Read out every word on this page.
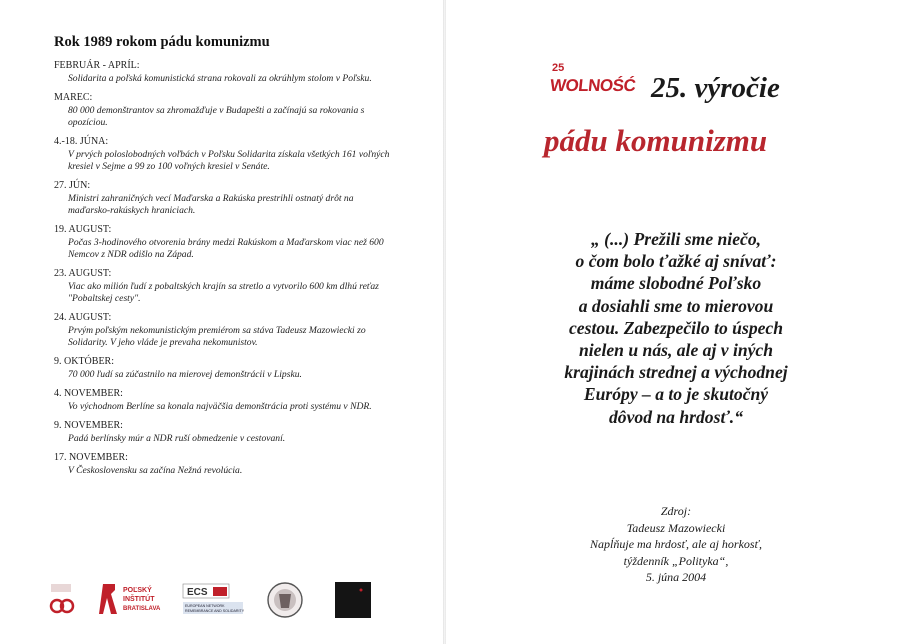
Rok 1989 rokom pádu komunizmu
FEBRUÁR - APRÍL:
Solidarita a poľská komunistická strana rokovali za okrúhlym stolom v Poľsku.
MAREC:
80 000 demonštrantov sa zhromažďuje v Budapešti a začínajú sa rokovania s opozíciou.
4.-18. JÚNA:
V prvých poloslobodných voľbách v Poľsku Solidarita získala všetkých 161 voľných kresiel v Sejme a 99 zo 100 voľných kresiel v Senáte.
27. JÚN:
Ministri zahraničných vecí Maďarska a Rakúska prestrihli ostnatý drôt na maďarsko-rakúskych hraniciach.
19. AUGUST:
Počas 3-hodinového otvorenia brány medzi Rakúskom a Maďarskom viac než 600 Nemcov z NDR odišlo na Západ.
23. AUGUST:
Viac ako milión ľudí z pobaltských krajín sa stretlo a vytvorilo 600 km dlhú reťaz "Pobaltskej cesty".
24. AUGUST:
Prvým poľským nekomunistickým premiérom sa stáva Tadeusz Mazowiecki zo Solidarity. V jeho vláde je prevaha nekomunistov.
9. OKTÓBER:
70 000 ľudí sa zúčastnilo na mierovej demonštrácii v Lipsku.
4. NOVEMBER:
Vo východnom Berlíne sa konala najväčšia demonštrácia proti systému v NDR.
9. NOVEMBER:
Padá berlínsky múr a NDR ruší obmedzenie v cestovaní.
17. NOVEMBER:
V Československu sa začína Nežná revolúcia.
POĽSKÝ
INŠTITÚT
BRATISLAVA
ECS
EUROPEAN NETWORK
REMEMBRANCE AND SOLIDARITY
25
WOLNOŚĆ 25. výročie
pádu komunizmu
„ (...) Prežili sme niečo,
o čom bolo ťažké aj snívať:
máme slobodné Poľsko
a dosiahli sme to mierovou
cestou. Zabezpečilo to úspech
nielen u nás, ale aj v iných
krajinách strednej a východnej
Európy – a to je skutočný
dôvod na hrdosť.“
Zdroj:
Tadeusz Mazowiecki
Napĺňuje ma hrdosť, ale aj horkosť,
týždenník „Polityka“,
5. júna 2004
